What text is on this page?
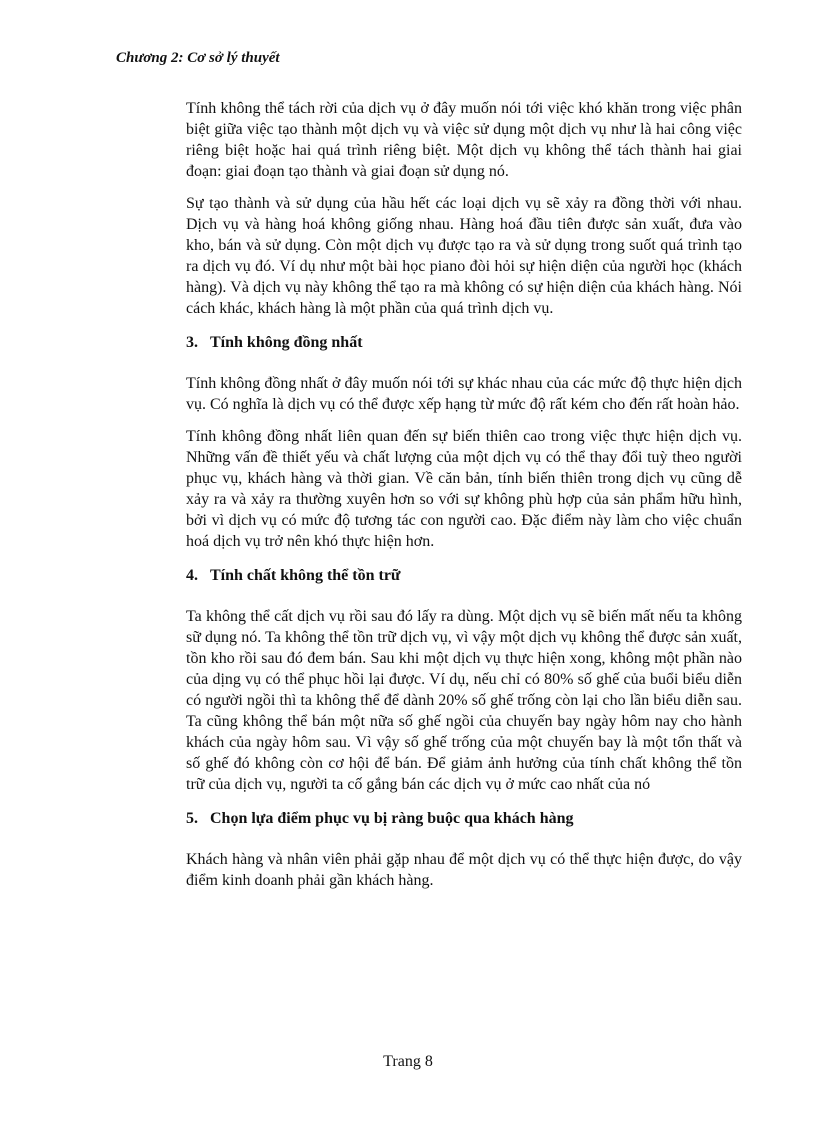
Chương 2: Cơ sở lý thuyết

Tính không thể tách rời của dịch vụ ở đây muốn nói tới việc khó khăn trong việc phân biệt giữa việc tạo thành một dịch vụ và việc sử dụng một dịch vụ như là hai công việc riêng biệt hoặc hai quá trình riêng biệt. Một dịch vụ không thể tách thành hai giai đoạn: giai đoạn tạo thành và giai đoạn sử dụng nó.

Sự tạo thành và sử dụng của hầu hết các loại dịch vụ sẽ xảy ra đồng thời với nhau. Dịch vụ và hàng hoá không giống nhau. Hàng hoá đầu tiên được sản xuất, đưa vào kho, bán và sử dụng. Còn một dịch vụ được tạo ra và sử dụng trong suốt quá trình tạo ra dịch vụ đó. Ví dụ như một bài học piano đòi hỏi sự hiện diện của người học (khách hàng). Và dịch vụ này không thể tạo ra mà không có sự hiện diện của khách hàng. Nói cách khác, khách hàng là một phần của quá trình dịch vụ.

3. Tính không đồng nhất

Tính không đồng nhất ở đây muốn nói tới sự khác nhau của các mức độ thực hiện dịch vụ. Có nghĩa là dịch vụ có thể được xếp hạng từ mức độ rất kém cho đến rất hoàn hảo.

Tính không đồng nhất liên quan đến sự biến thiên cao trong việc thực hiện dịch vụ. Những vấn đề thiết yếu và chất lượng của một dịch vụ có thể thay đổi tuỳ theo người phục vụ, khách hàng và thời gian. Về căn bản, tính biến thiên trong dịch vụ cũng dễ xảy ra và xảy ra thường xuyên hơn so với sự không phù hợp của sản phẩm hữu hình, bởi vì dịch vụ có mức độ tương tác con người cao. Đặc điểm này làm cho việc chuẩn hoá dịch vụ trở nên khó thực hiện hơn.

4. Tính chất không thể tồn trữ

Ta không thể cất dịch vụ rồi sau đó lấy ra dùng. Một dịch vụ sẽ biến mất nếu ta không sữ dụng nó. Ta không thể tồn trữ dịch vụ, vì vậy một dịch vụ không thể được sản xuất, tồn kho rồi sau đó đem bán. Sau khi một dịch vụ thực hiện xong, không một phần nào của dịng vụ có thể phục hồi lại được. Ví dụ, nếu chỉ có 80% số ghế của buổi biểu diễn có người ngồi thì ta không thể để dành 20% số ghế trống còn lại cho lần biểu diễn sau. Ta cũng không thể bán một nữa số ghế ngồi của chuyến bay ngày hôm nay cho hành khách của ngày hôm sau. Vì vậy số ghế trống của một chuyến bay là một tổn thất và số ghế đó không còn cơ hội để bán. Để giảm ảnh hưởng của tính chất không thể tồn trữ của dịch vụ, người ta cố gắng bán các dịch vụ ở mức cao nhất của nó

5. Chọn lựa điểm phục vụ bị ràng buộc qua khách hàng

Khách hàng và nhân viên phải gặp nhau để một dịch vụ có thể thực hiện được, do vậy điểm kinh doanh phải gần khách hàng.

Trang 8
